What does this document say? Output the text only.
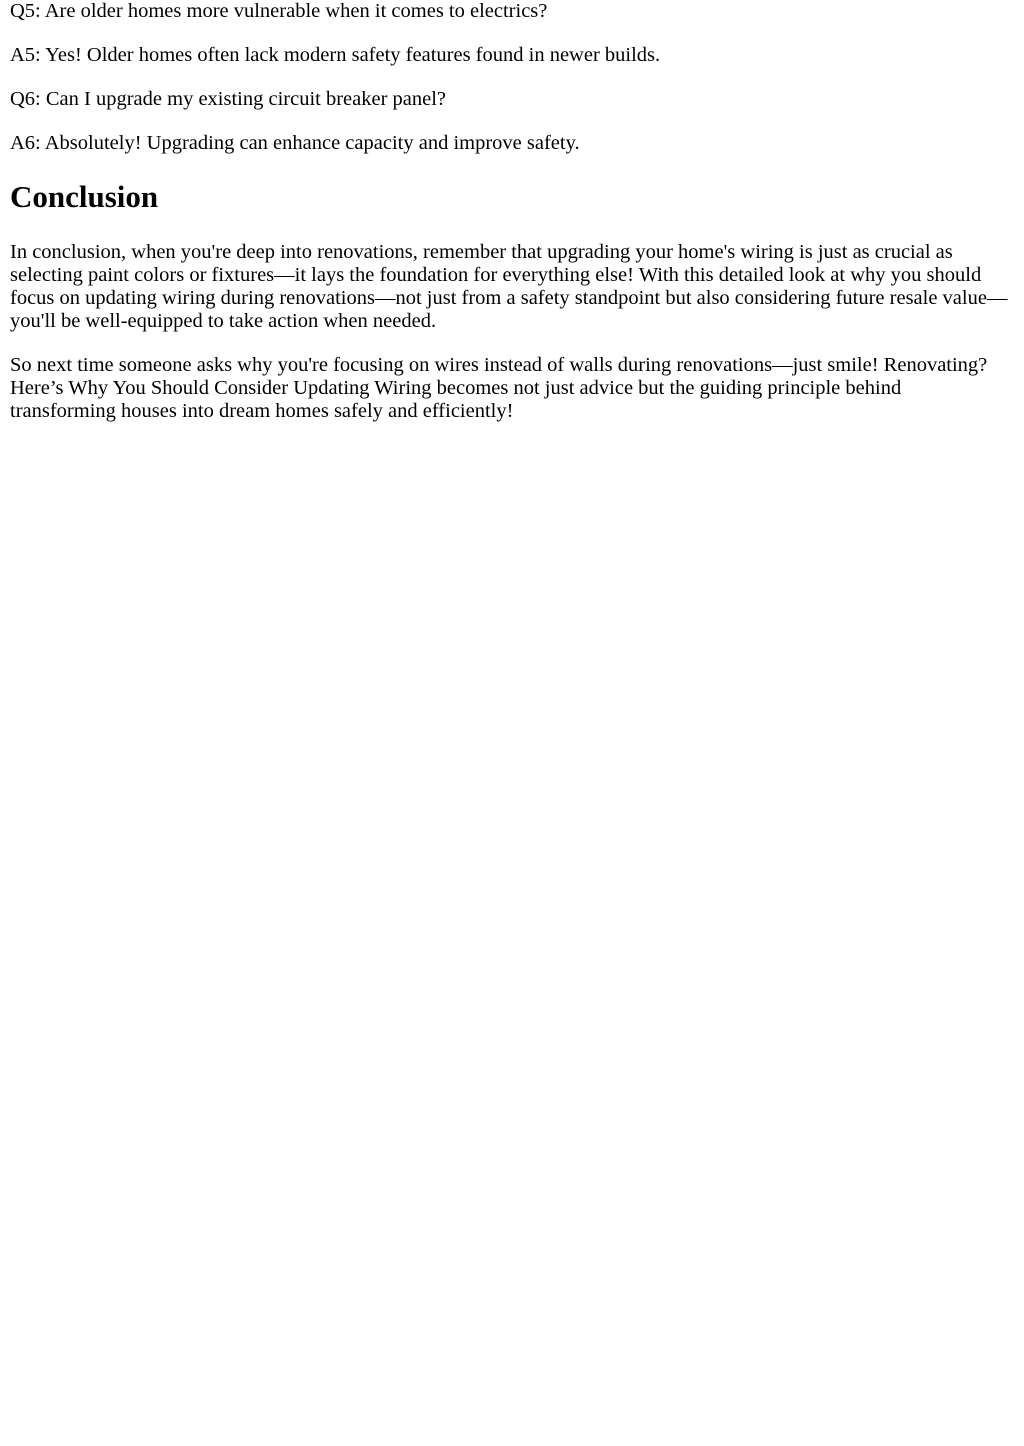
Q5: Are older homes more vulnerable when it comes to electrics?

A5: Yes! Older homes often lack modern safety features found in newer builds.

Q6: Can I upgrade my existing circuit breaker panel?

A6: Absolutely! Upgrading can enhance capacity and improve safety.

Conclusion

In conclusion, when you're deep into renovations, remember that upgrading your home's wiring is just as crucial as selecting paint colors or fixtures—it lays the foundation for everything else! With this detailed look at why you should focus on updating wiring during renovations—not just from a safety standpoint but also considering future resale value—you'll be well-equipped to take action when needed.

So next time someone asks why you're focusing on wires instead of walls during renovations—just smile! Renovating? Here’s Why You Should Consider Updating Wiring becomes not just advice but the guiding principle behind transforming houses into dream homes safely and efficiently!
